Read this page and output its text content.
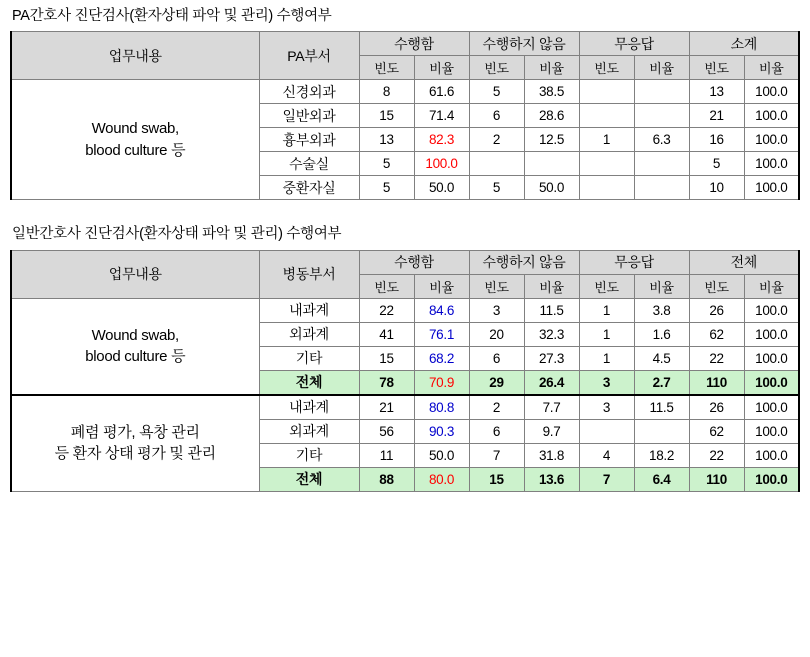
PA간호사 진단검사(환자상태 파악 및 관리) 수행여부
업무내용	PA부서	수행함		수행하지 않음		무응답		소계	
		빈도	비율	빈도	비율	빈도	비율	빈도	비율

Wound swab,
blood culture 등	신경외과	8	61.6	5	38.5			13	100.0
	일반외과	15	71.4	6	28.6			21	100.0
	흉부외과	13	82.3	2	12.5	1	6.3	16	100.0
	수술실	5	100.0					5	100.0
	중환자실	5	50.0	5	50.0			10	100.0
일반간호사 진단검사(환자상태 파악 및 관리) 수행여부
업무내용	병동부서	수행함		수행하지 않음		무응답		전체	
		빈도	비율	빈도	비율	빈도	비율	빈도	비율

Wound swab,
blood culture 등	내과계	22	84.6	3	11.5	1	3.8	26	100.0
	외과계	41	76.1	20	32.3	1	1.6	62	100.0
	기타	15	68.2	6	27.3	1	4.5	22	100.0
	전체	78	70.9	29	26.4	3	2.7	110	100.0

폐렴 평가, 욕창 관리
등 환자 상태 평가 및 관리	내과계	21	80.8	2	7.7	3	11.5	26	100.0
	외과계	56	90.3	6	9.7			62	100.0
	기타	11	50.0	7	31.8	4	18.2	22	100.0
	전체	88	80.0	15	13.6	7	6.4	110	100.0
